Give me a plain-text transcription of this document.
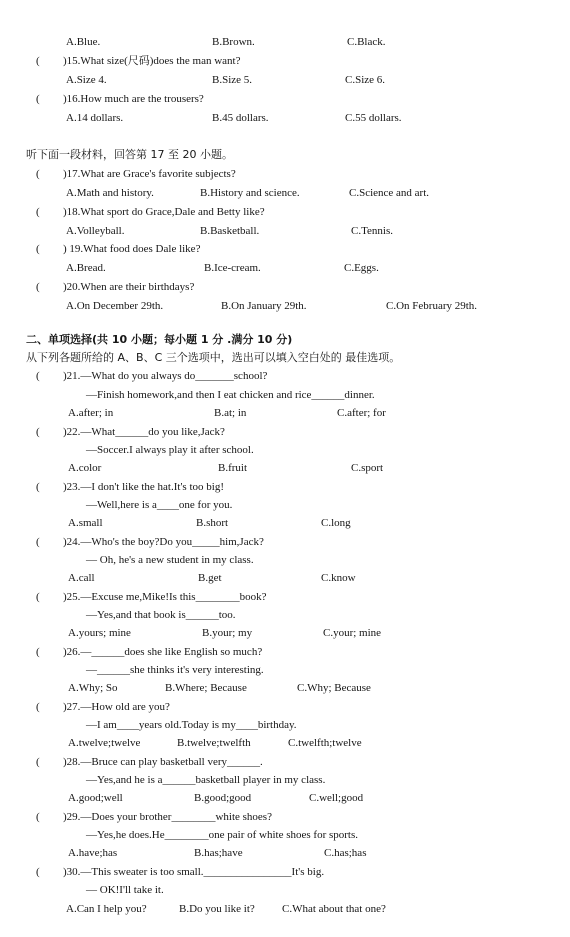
A.Blue.	B.Brown.	C.Black.
( )15.What size(尺码)does the man want?
A.Size 4.	B.Size 5.	C.Size 6.
( )16.How much are the trousers?
A.14 dollars.	B.45 dollars.	C.55 dollars.
听下面一段材料，回答第 17 至 20 小题。
( )17.What are Grace's favorite subjects?
A.Math and history.	B.History and science.	C.Science and art.
( )18.What sport do Grace,Dale and Betty like?
A.Volleyball.	B.Basketball.	C.Tennis.
( ) 19.What food does Dale like?
A.Bread.	B.Ice-cream.	C.Eggs.
( )20.When are their birthdays?
A.On December 29th.	B.On January 29th.	C.On February 29th.
二、单项选择(共 10 小题；每小题 1 分 .满分 10 分)
从下列各题所给的 A、B、C 三个选项中，选出可以填入空白处的 最佳选项。
( )21.—What do you always do_______school?
—Finish homework,and then I eat chicken and rice______dinner.
A.after; in	B.at; in	C.after; for
( )22.—What______do you like,Jack?
—Soccer.I always play it after school.
A.color	B.fruit	C.sport
( )23.—I don't like the hat.It's too big!
—Well,here is a____one for you.
A.small	B.short	C.long
( )24.—Who's the boy?Do you_____him,Jack?
— Oh, he's a new student in my class.
A.call	B.get	C.know
( )25.—Excuse me,Mike!Is this________book?
—Yes,and that book is______too.
A.yours; mine	B.your; my	C.your; mine
( )26.—______does she like English so much?
—______she thinks it's very interesting.
A.Why; So	B.Where; Because	C.Why; Because
( )27.—How old are you?
—I am____years old.Today is my____birthday.
A.twelve;twelve	B.twelve;twelfth	C.twelfth;twelve
( )28.—Bruce can play basketball very______.
—Yes,and he is a______basketball player in my class.
A.good;well	B.good;good	C.well;good
( )29.—Does your brother________white shoes?
—Yes,he does.He________one pair of white shoes for sports.
A.have;has	B.has;have	C.has;has
( )30.—This sweater is too small.________________It's big.
— OK!I'll take it.
A.Can I help you?	B.Do you like it? C.What about that one?
